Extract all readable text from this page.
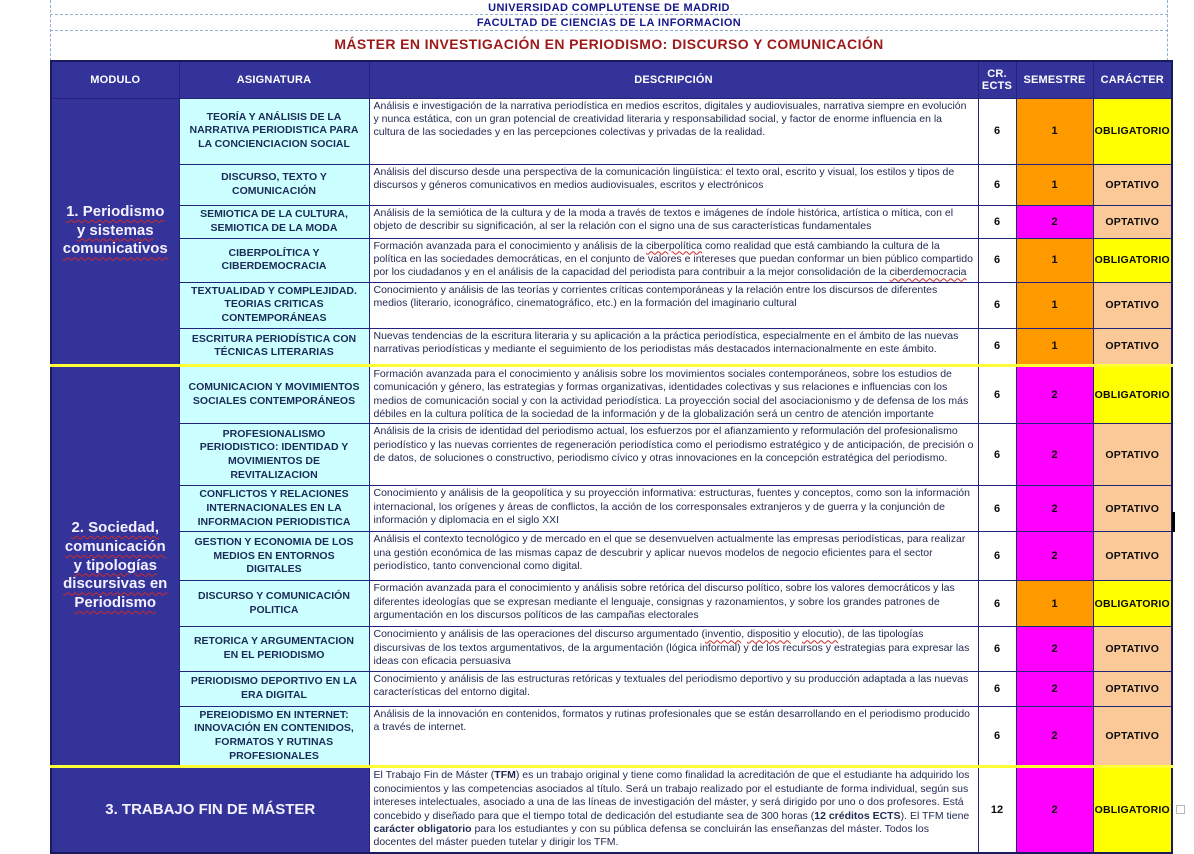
UNIVERSIDAD COMPLUTENSE DE MADRID
FACULTAD DE CIENCIAS DE LA INFORMACION
MÁSTER EN INVESTIGACIÓN EN PERIODISMO: DISCURSO Y COMUNICACIÓN
MODULO	ASIGNATURA	DESCRIPCIÓN	CR. ECTS	SEMESTRE	CARÁCTER
1. Periodismo y sistemas comunicativos	TEORÍA Y ANÁLISIS DE LA NARRATIVA PERIODISTICA PARA LA CONCIENCIACION SOCIAL	Análisis e investigación de la narrativa periodística en medios escritos, digitales y audiovisuales, narrativa siempre en evolución y nunca estática, con un gran potencial de creatividad literaria y responsabilidad social, y factor de enorme influencia en la cultura de las sociedades y en las percepciones colectivas y privadas de la realidad.	6	1	OBLIGATORIO
	DISCURSO, TEXTO Y COMUNICACIÓN	Análisis del discurso desde una perspectiva de la comunicación lingüística: el texto oral, escrito y visual, los estilos y tipos de discursos y géneros comunicativos en medios audiovisuales, escritos y electrónicos	6	1	OPTATIVO
	SEMIOTICA DE LA CULTURA, SEMIOTICA DE LA MODA	Análisis de la semiótica de la cultura y de la moda a través de textos e imágenes de índole histórica, artística o mítica, con el objeto de describir su significación, al ser la relación con el signo una de sus características fundamentales	6	2	OPTATIVO
	CIBERPOLÍTICA Y CIBERDEMOCRACIA	Formación avanzada para el conocimiento y análisis de la ciberpolítica como realidad que está cambiando la cultura de la política en las sociedades democráticas, en el conjunto de valores e intereses que puedan conformar un bien público compartido por los ciudadanos y en el análisis de la capacidad del periodista para contribuir a la mejor consolidación de la ciberdemocracia	6	1	OBLIGATORIO
	TEXTUALIDAD Y COMPLEJIDAD. TEORIAS CRITICAS CONTEMPORÁNEAS	Conocimiento y análisis de las teorías y corrientes críticas contemporáneas y la relación entre los discursos de diferentes medios (literario, iconográfico, cinematográfico, etc.) en la formación del imaginario cultural	6	1	OPTATIVO
	ESCRITURA PERIODÍSTICA CON TÉCNICAS LITERARIAS	Nuevas tendencias de la escritura literaria y su aplicación a la práctica periodística, especialmente en el ámbito de las nuevas narrativas periodísticas y mediante el seguimiento de los periodistas más destacados internacionalmente en este ámbito.	6	1	OPTATIVO
2. Sociedad, comunicación y tipologías discursivas en Periodismo	COMUNICACION Y MOVIMIENTOS SOCIALES CONTEMPORÁNEOS	Formación avanzada para el conocimiento y análisis sobre los movimientos sociales contemporáneos, sobre los estudios de comunicación y género, las estrategias y formas organizativas, identidades colectivas y sus relaciones e influencias con los medios de comunicación social y con la actividad periodística. La proyección social del asociacionismo y de defensa de los más débiles en la cultura política de la sociedad de la información y de la globalización será un centro de atención importante	6	2	OBLIGATORIO
	PROFESIONALISMO PERIODISTICO: IDENTIDAD Y MOVIMIENTOS DE REVITALIZACION	Análisis de la crisis de identidad del periodismo actual, los esfuerzos por el afianzamiento y reformulación del profesionalismo periodístico y las nuevas corrientes de regeneración periodística como el periodismo estratégico y de anticipación, de precisión o de datos, de soluciones o constructivo, periodismo cívico y otras innovaciones en la concepción estratégica del periodismo.	6	2	OPTATIVO
	CONFLICTOS Y RELACIONES INTERNACIONALES EN LA INFORMACION PERIODISTICA	Conocimiento y análisis de la geopolítica y su proyección informativa: estructuras, fuentes y conceptos, como son la información internacional, los orígenes y áreas de conflictos, la acción de los corresponsales extranjeros y de guerra y la conjunción de información y diplomacia en el siglo XXI	6	2	OPTATIVO
	GESTION Y ECONOMIA DE LOS MEDIOS EN ENTORNOS DIGITALES	Análisis el contexto tecnológico y de mercado en el que se desenvuelven actualmente las empresas periodísticas, para realizar una gestión económica de las mismas capaz de descubrir y aplicar nuevos modelos de negocio eficientes para el sector periodístico, tanto convencional como digital.	6	2	OPTATIVO
	DISCURSO Y COMUNICACIÓN POLITICA	Formación avanzada para el conocimiento y análisis sobre retórica del discurso político, sobre los valores democráticos y las diferentes ideologías que se expresan mediante el lenguaje, consignas y razonamientos, y sobre los grandes patrones de argumentación en los discursos políticos de las campañas electorales	6	1	OBLIGATORIO
	RETORICA Y ARGUMENTACION EN EL PERIODISMO	Conocimiento y análisis de las operaciones del discurso argumentado (inventio, dispositio y elocutio), de las tipologías discursivas de los textos argumentativos, de la argumentación (lógica informal) y de los recursos y estrategias para expresar las ideas con eficacia persuasiva	6	2	OPTATIVO
	PERIODISMO DEPORTIVO EN LA ERA DIGITAL	Conocimiento y análisis de las estructuras retóricas y textuales del periodismo deportivo y su producción adaptada a las nuevas características del entorno digital.	6	2	OPTATIVO
	PEREIODISMO EN INTERNET: INNOVACIÓN EN CONTENIDOS, FORMATOS Y RUTINAS PROFESIONALES	Análisis de la innovación en contenidos, formatos y rutinas profesionales que se están desarrollando en el periodismo producido a través de internet.	6	2	OPTATIVO
3. TRABAJO FIN DE MÁSTER		El Trabajo Fin de Máster (TFM) es un trabajo original y tiene como finalidad la acreditación de que el estudiante ha adquirido los conocimientos y las competencias asociados al título. Será un trabajo realizado por el estudiante de forma individual, según sus intereses intelectuales, asociado a una de las líneas de investigación del máster, y será dirigido por uno o dos profesores. Está concebido y diseñado para que el tiempo total de dedicación del estudiante sea de 300 horas (12 créditos ECTS). El TFM tiene carácter obligatorio para los estudiantes y con su pública defensa se concluirán las enseñanzas del máster. Todos los docentes del máster pueden tutelar y dirigir los TFM.	12	2	OBLIGATORIO
